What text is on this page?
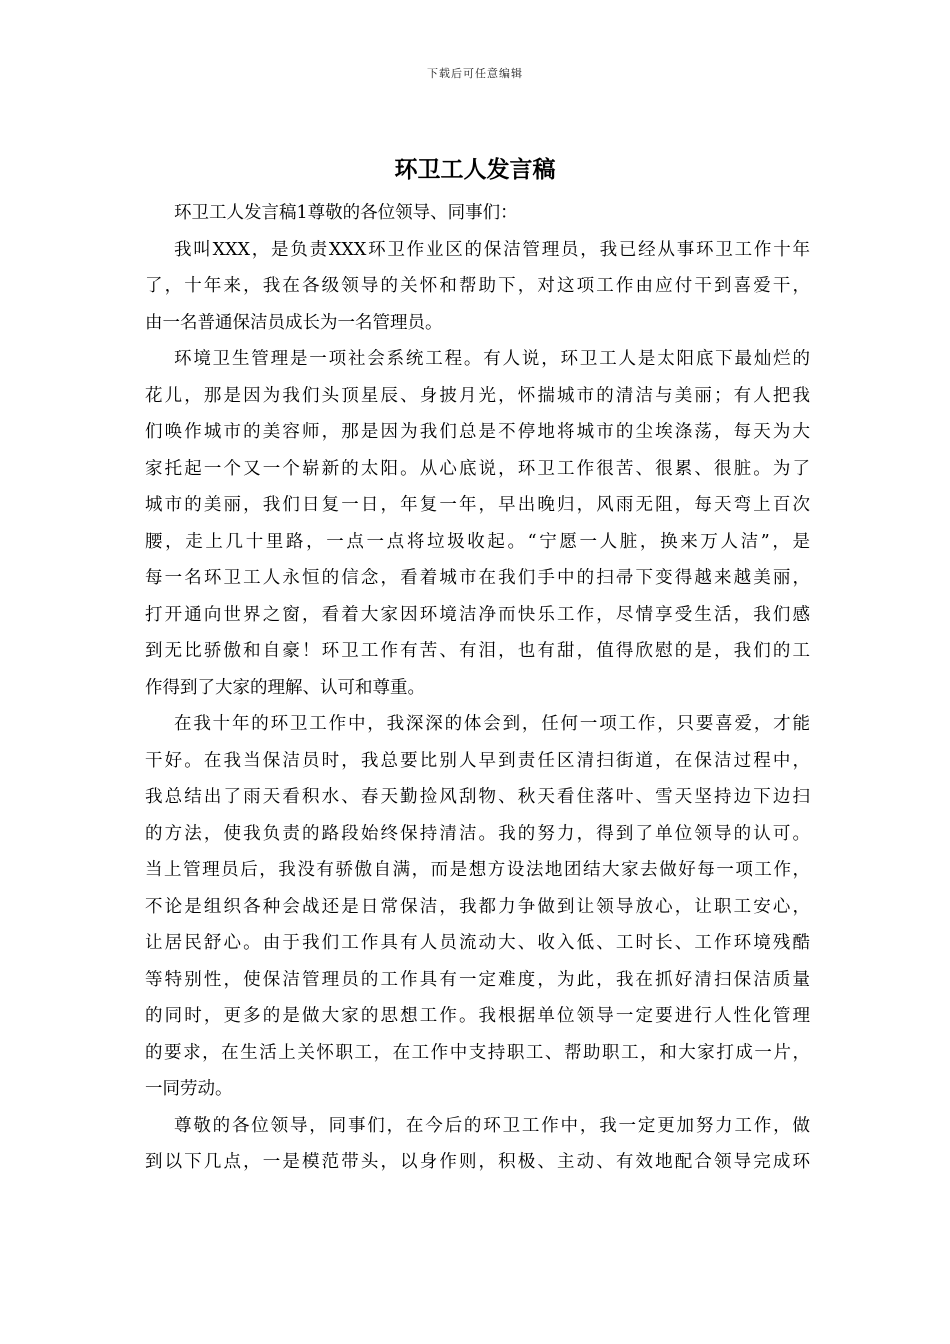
下载后可任意编辑
环卫工人发言稿
环卫工人发言稿1尊敬的各位领导、同事们：
我叫XXX，是负责XXX环卫作业区的保洁管理员，我已经从事环卫工作十年
了，十年来，我在各级领导的关怀和帮助下，对这项工作由应付干到喜爱干，
由一名普通保洁员成长为一名管理员。
环境卫生管理是一项社会系统工程。有人说，环卫工人是太阳底下最灿烂的
花儿，那是因为我们头顶星辰、身披月光，怀揣城市的清洁与美丽；有人把我
们唤作城市的美容师，那是因为我们总是不停地将城市的尘埃涤荡，每天为大
家托起一个又一个崭新的太阳。从心底说，环卫工作很苦、很累、很脏。为了
城市的美丽，我们日复一日，年复一年，早出晚归，风雨无阻，每天弯上百次
腰，走上几十里路，一点一点将垃圾收起。“宁愿一人脏，换来万人洁”，是
每一名环卫工人永恒的信念，看着城市在我们手中的扫帚下变得越来越美丽，
打开通向世界之窗，看着大家因环境洁净而快乐工作，尽情享受生活，我们感
到无比骄傲和自豪！环卫工作有苦、有泪，也有甜，值得欣慰的是，我们的工
作得到了大家的理解、认可和尊重。
在我十年的环卫工作中，我深深的体会到，任何一项工作，只要喜爱，才能
干好。在我当保洁员时，我总要比别人早到责任区清扫街道，在保洁过程中，
我总结出了雨天看积水、春天勤捡风刮物、秋天看住落叶、雪天坚持边下边扫
的方法，使我负责的路段始终保持清洁。我的努力，得到了单位领导的认可。
当上管理员后，我没有骄傲自满，而是想方设法地团结大家去做好每一项工作，
不论是组织各种会战还是日常保洁，我都力争做到让领导放心，让职工安心，
让居民舒心。由于我们工作具有人员流动大、收入低、工时长、工作环境残酷
等特别性，使保洁管理员的工作具有一定难度，为此，我在抓好清扫保洁质量
的同时，更多的是做大家的思想工作。我根据单位领导一定要进行人性化管理
的要求，在生活上关怀职工，在工作中支持职工、帮助职工，和大家打成一片，
一同劳动。
尊敬的各位领导，同事们，在今后的环卫工作中，我一定更加努力工作，做
到以下几点，一是模范带头，以身作则，积极、主动、有效地配合领导完成环
